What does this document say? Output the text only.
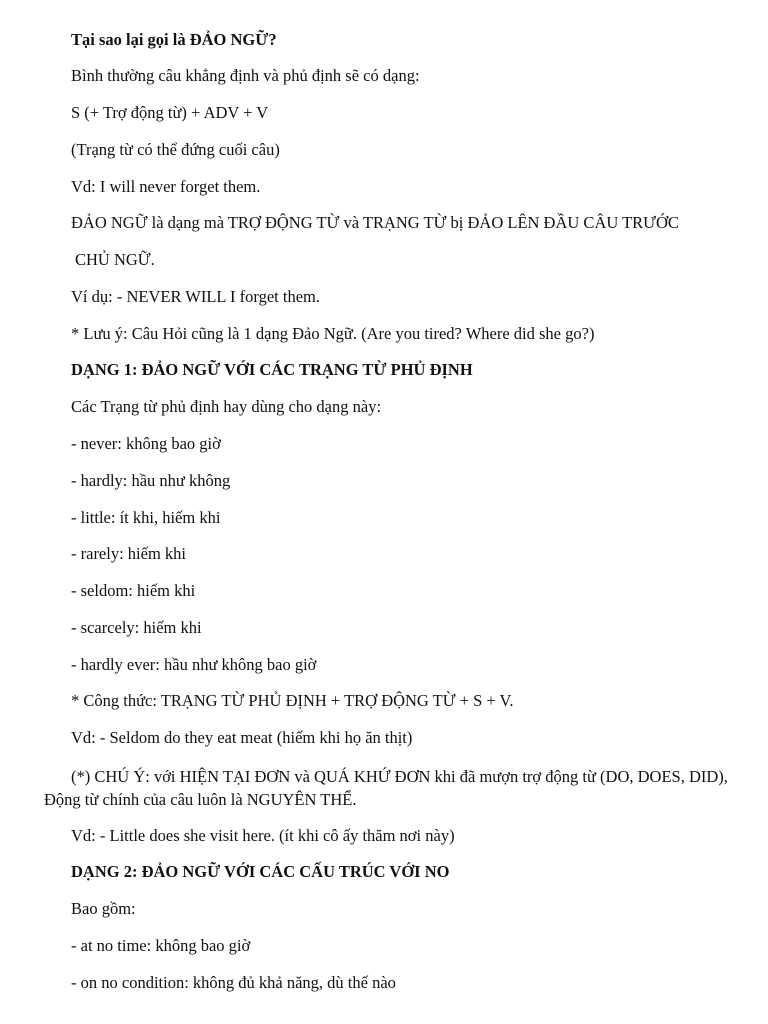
Tại sao lại gọi là ĐẢO NGỮ?
Bình thường câu khẳng định và phủ định sẽ có dạng:
S (+ Trợ động từ) + ADV + V
(Trạng từ có thể đứng cuối câu)
Vd: I will never forget them.
ĐẢO NGỮ là dạng mà TRỢ ĐỘNG TỪ và TRẠNG TỪ bị ĐẢO LÊN ĐẦU CÂU TRƯỚC
CHỦ NGỮ.
Ví dụ: - NEVER WILL I forget them.
* Lưu ý: Câu Hỏi cũng là 1 dạng Đảo Ngữ. (Are you tired? Where did she go?)
DẠNG 1: ĐẢO NGỮ VỚI CÁC TRẠNG TỪ PHỦ ĐỊNH
Các Trạng từ phủ định hay dùng cho dạng này:
- never: không bao giờ
- hardly: hầu như không
- little: ít khi, hiếm khi
- rarely: hiếm khi
- seldom: hiếm khi
- scarcely: hiếm khi
- hardly ever: hầu như không bao giờ
* Công thức: TRẠNG TỪ PHỦ ĐỊNH + TRỢ ĐỘNG TỪ + S + V.
Vd: - Seldom do they eat meat (hiếm khi họ ăn thịt)
(*) CHÚ Ý: với HIỆN TẠI ĐƠN và QUÁ KHỨ ĐƠN khi đã mượn trợ động từ (DO, DOES, DID), Động từ chính của câu luôn là NGUYÊN THỂ.
Vd: - Little does she visit here. (ít khi cô ấy thăm nơi này)
DẠNG 2: ĐẢO NGỮ VỚI CÁC CẤU TRÚC VỚI NO
Bao gồm:
- at no time: không bao giờ
- on no condition: không đủ khả năng, dù thế nào
